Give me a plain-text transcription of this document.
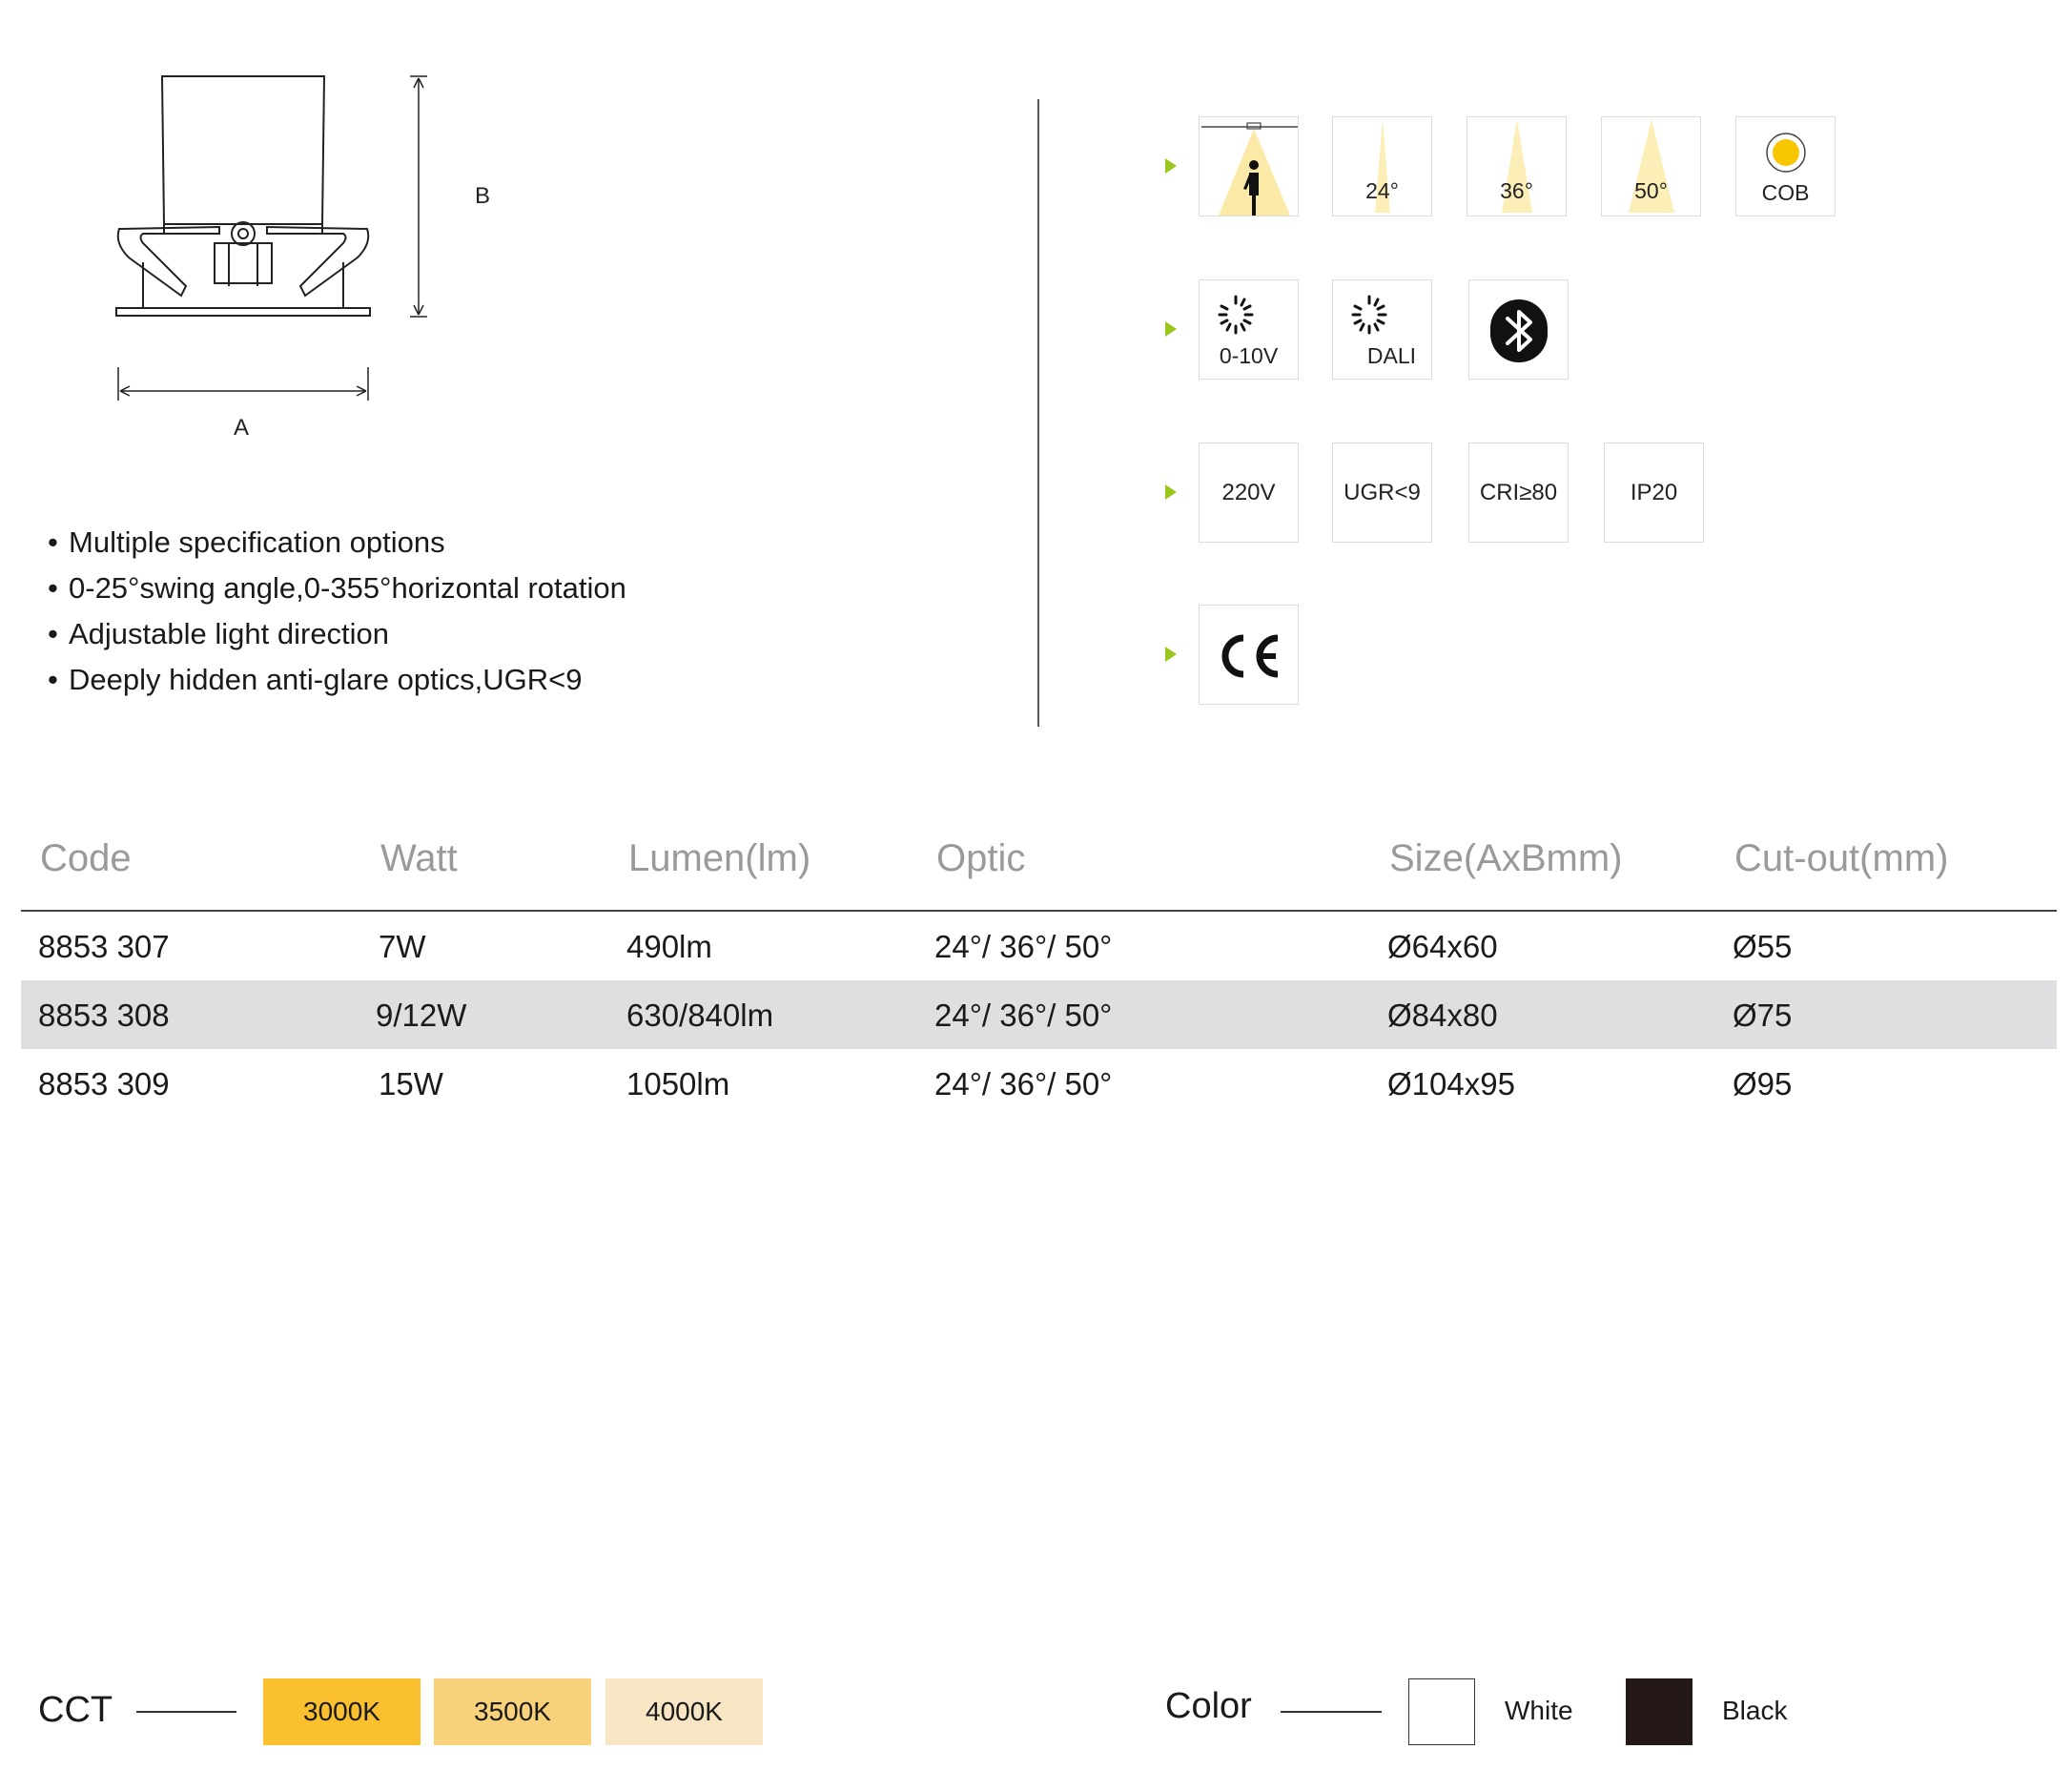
B
A
• Multiple specification options
• 0-25°swing angle,0-355°horizontal rotation
• Adjustable light direction
• Deeply hidden anti-glare optics,UGR<9
24°	36°	50°	COB
0-10V	DALI
220V	UGR<9	CRI≥80	IP20
Code	Watt	Lumen(lm)	Optic	Size(AxBmm)	Cut-out(mm)
8853 307	7W	490lm	24°/ 36°/ 50°	Ø64x60	Ø55
8853 308	9/12W	630/840lm	24°/ 36°/ 50°	Ø84x80	Ø75
8853 309	15W	1050lm	24°/ 36°/ 50°	Ø104x95	Ø95
CCT	3000K	3500K	4000K	Color	White	Black
